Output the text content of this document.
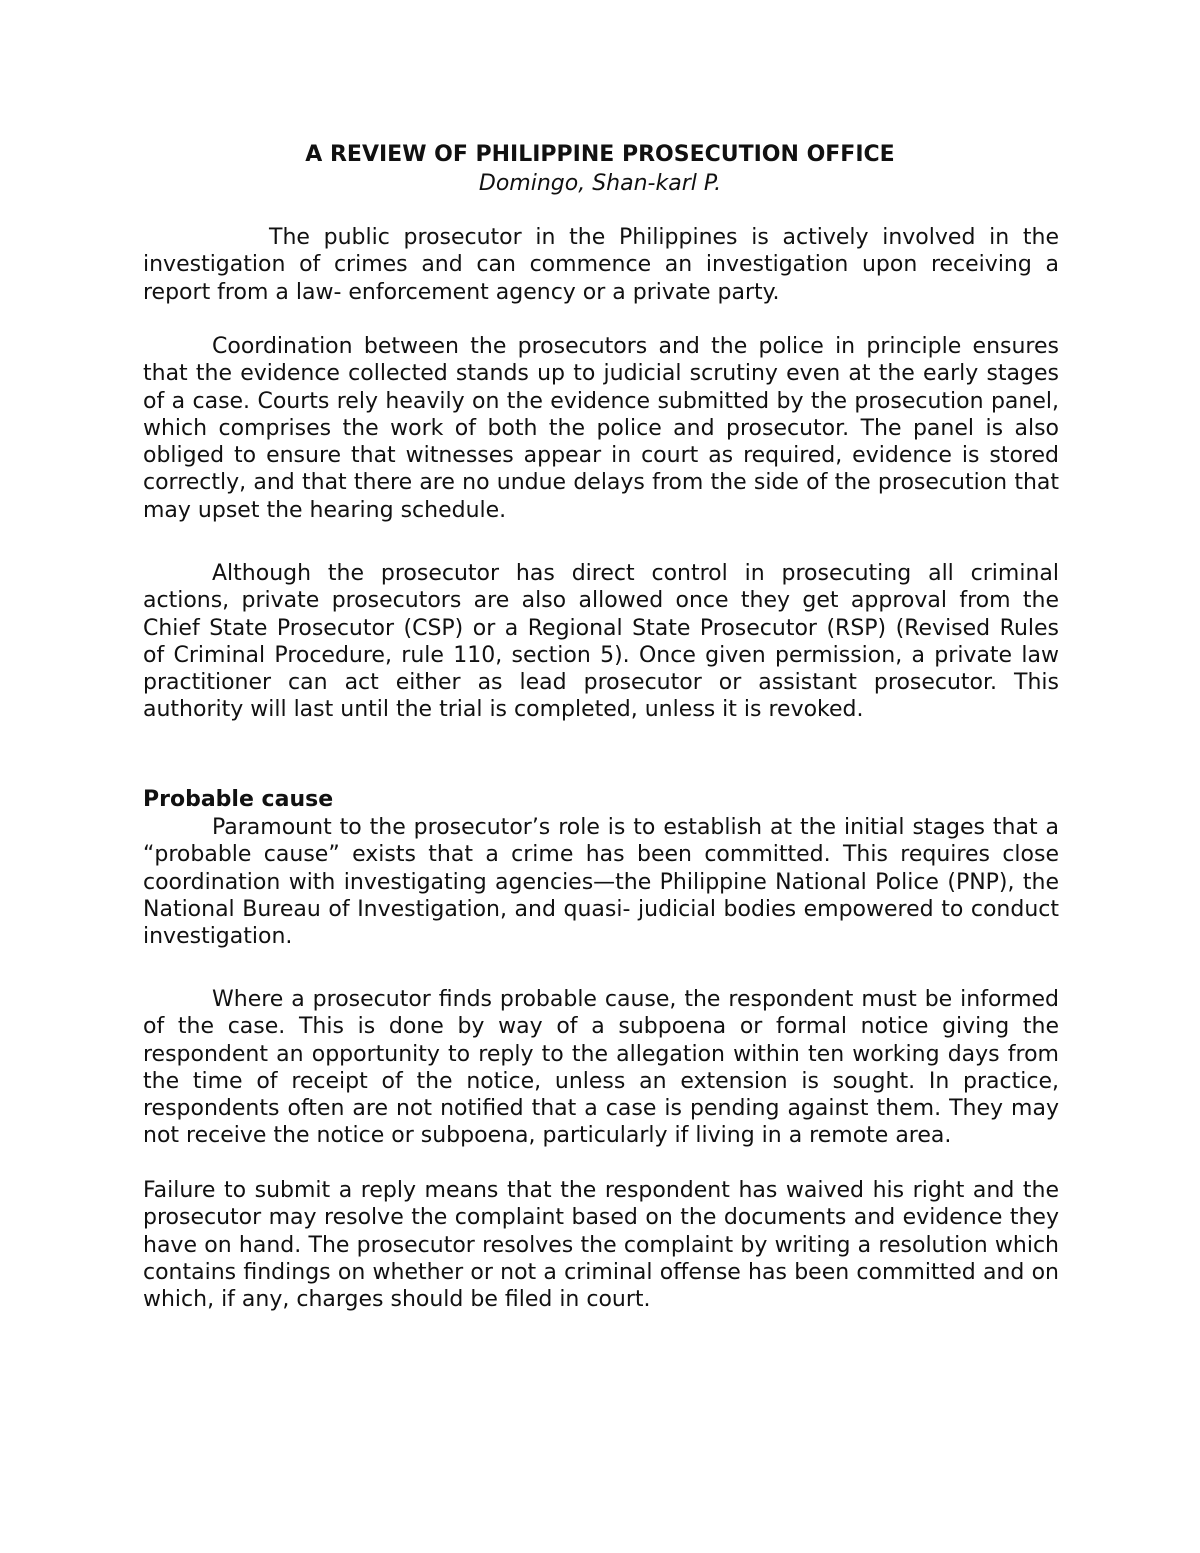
A REVIEW OF PHILIPPINE PROSECUTION OFFICE

Domingo, Shan-karl P.

The public prosecutor in the Philippines is actively involved in the investigation of crimes and can commence an investigation upon receiving a report from a law- enforcement agency or a private party.

Coordination between the prosecutors and the police in principle ensures that the evidence collected stands up to judicial scrutiny even at the early stages of a case. Courts rely heavily on the evidence submitted by the prosecution panel, which comprises the work of both the police and prosecutor. The panel is also obliged to ensure that witnesses appear in court as required, evidence is stored correctly, and that there are no undue delays from the side of the prosecution that may upset the hearing schedule.

Although the prosecutor has direct control in prosecuting all criminal actions, private prosecutors are also allowed once they get approval from the Chief State Prosecutor (CSP) or a Regional State Prosecutor (RSP) (Revised Rules of Criminal Procedure, rule 110, section 5). Once given permission, a private law practitioner can act either as lead prosecutor or assistant prosecutor. This authority will last until the trial is completed, unless it is revoked.

Probable cause

Paramount to the prosecutor’s role is to establish at the initial stages that a “probable cause” exists that a crime has been committed. This requires close coordination with investigating agencies—the Philippine National Police (PNP), the National Bureau of Investigation, and quasi- judicial bodies empowered to conduct investigation.

Where a prosecutor finds probable cause, the respondent must be informed of the case. This is done by way of a subpoena or formal notice giving the respondent an opportunity to reply to the allegation within ten working days from the time of receipt of the notice, unless an extension is sought. In practice, respondents often are not notified that a case is pending against them. They may not receive the notice or subpoena, particularly if living in a remote area.

Failure to submit a reply means that the respondent has waived his right and the prosecutor may resolve the complaint based on the documents and evidence they have on hand. The prosecutor resolves the complaint by writing a resolution which contains findings on whether or not a criminal offense has been committed and on which, if any, charges should be filed in court.
